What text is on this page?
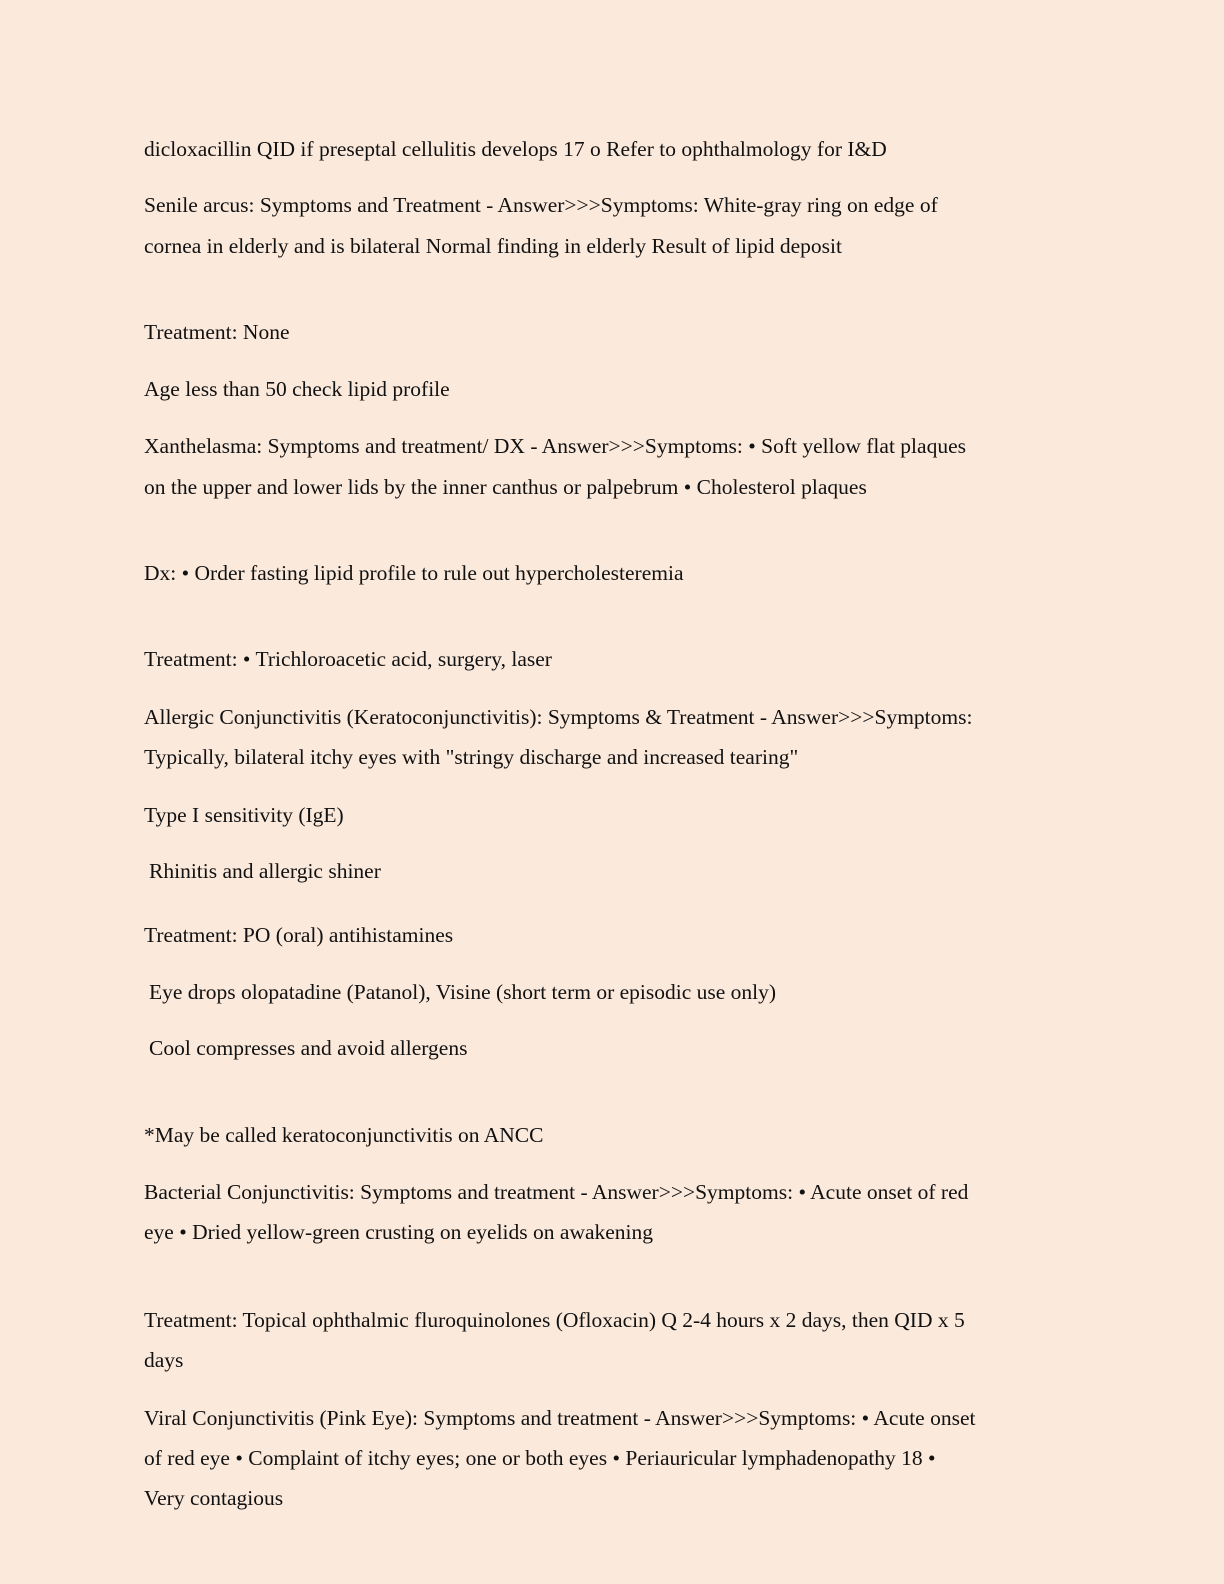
dicloxacillin QID if preseptal cellulitis develops 17 o Refer to ophthalmology for I&D
Senile arcus: Symptoms and Treatment - Answer>>>Symptoms: White-gray ring on edge of
cornea in elderly and is bilateral Normal finding in elderly Result of lipid deposit
Treatment: None
Age less than 50 check lipid profile
Xanthelasma: Symptoms and treatment/ DX - Answer>>>Symptoms: • Soft yellow flat plaques
on the upper and lower lids by the inner canthus or palpebrum • Cholesterol plaques
Dx: • Order fasting lipid profile to rule out hypercholesteremia
Treatment: • Trichloroacetic acid, surgery, laser
Allergic Conjunctivitis (Keratoconjunctivitis): Symptoms & Treatment - Answer>>>Symptoms:
Typically, bilateral itchy eyes with "stringy discharge and increased tearing"
Type I sensitivity (IgE)
Rhinitis and allergic shiner
Treatment: PO (oral) antihistamines
Eye drops olopatadine (Patanol), Visine (short term or episodic use only)
Cool compresses and avoid allergens
*May be called keratoconjunctivitis on ANCC
Bacterial Conjunctivitis: Symptoms and treatment - Answer>>>Symptoms: • Acute onset of red
eye • Dried yellow-green crusting on eyelids on awakening
Treatment: Topical ophthalmic fluroquinolones (Ofloxacin) Q 2-4 hours x 2 days, then QID x 5
days
Viral Conjunctivitis (Pink Eye): Symptoms and treatment - Answer>>>Symptoms: • Acute onset
of red eye • Complaint of itchy eyes; one or both eyes • Periauricular lymphadenopathy 18 •
Very contagious
